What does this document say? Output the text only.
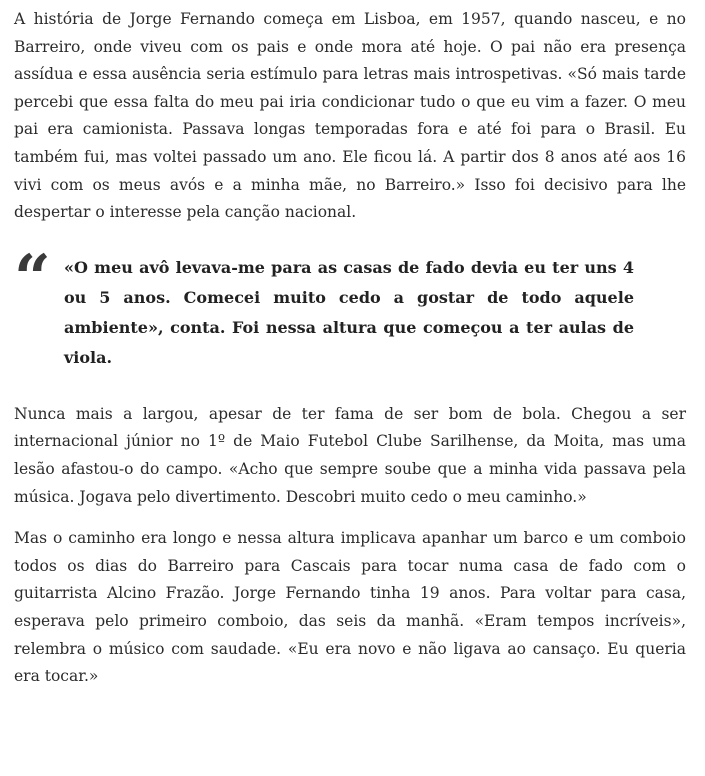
A história de Jorge Fernando começa em Lisboa, em 1957, quando nasceu, e no Barreiro, onde viveu com os pais e onde mora até hoje. O pai não era presença assídua e essa ausência seria estímulo para letras mais introspetivas. «Só mais tarde percebi que essa falta do meu pai iria condicionar tudo o que eu vim a fazer. O meu pai era camionista. Passava longas temporadas fora e até foi para o Brasil. Eu também fui, mas voltei passado um ano. Ele ficou lá. A partir dos 8 anos até aos 16 vivi com os meus avós e a minha mãe, no Barreiro.» Isso foi decisivo para lhe despertar o interesse pela canção nacional.

“ «O meu avô levava-me para as casas de fado devia eu ter uns 4 ou 5 anos. Comecei muito cedo a gostar de todo aquele ambiente», conta. Foi nessa altura que começou a ter aulas de viola.

Nunca mais a largou, apesar de ter fama de ser bom de bola. Chegou a ser internacional júnior no 1º de Maio Futebol Clube Sarilhense, da Moita, mas uma lesão afastou-o do campo. «Acho que sempre soube que a minha vida passava pela música. Jogava pelo divertimento. Descobri muito cedo o meu caminho.»

Mas o caminho era longo e nessa altura implicava apanhar um barco e um comboio todos os dias do Barreiro para Cascais para tocar numa casa de fado com o guitarrista Alcino Frazão. Jorge Fernando tinha 19 anos. Para voltar para casa, esperava pelo primeiro comboio, das seis da manhã. «Eram tempos incríveis», relembra o músico com saudade. «Eu era novo e não ligava ao cansaço. Eu queria era tocar.»
